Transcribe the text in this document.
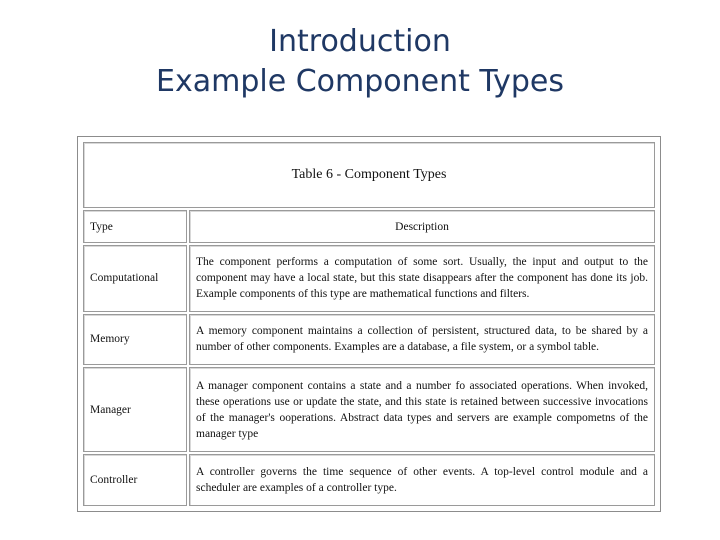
Introduction
Example Component Types
Table 6 - Component Types	
Type	Description
Computational	The component performs a computation of some sort. Usually, the input and output to the component may have a local state, but this state disappears after the component has done its job. Example components of this type are mathematical functions and filters.
Memory	A memory component maintains a collection of persistent, structured data, to be shared by a number of other components. Examples are a database, a file system, or a symbol table.
Manager	A manager component contains a state and a number fo associated operations. When invoked, these operations use or update the state, and this state is retained between successive invocations of the manager's ooperations. Abstract data types and servers are example compometns of the manager type
Controller	A controller governs the time sequence of other events. A top-level control module and a scheduler are examples of a controller type.
